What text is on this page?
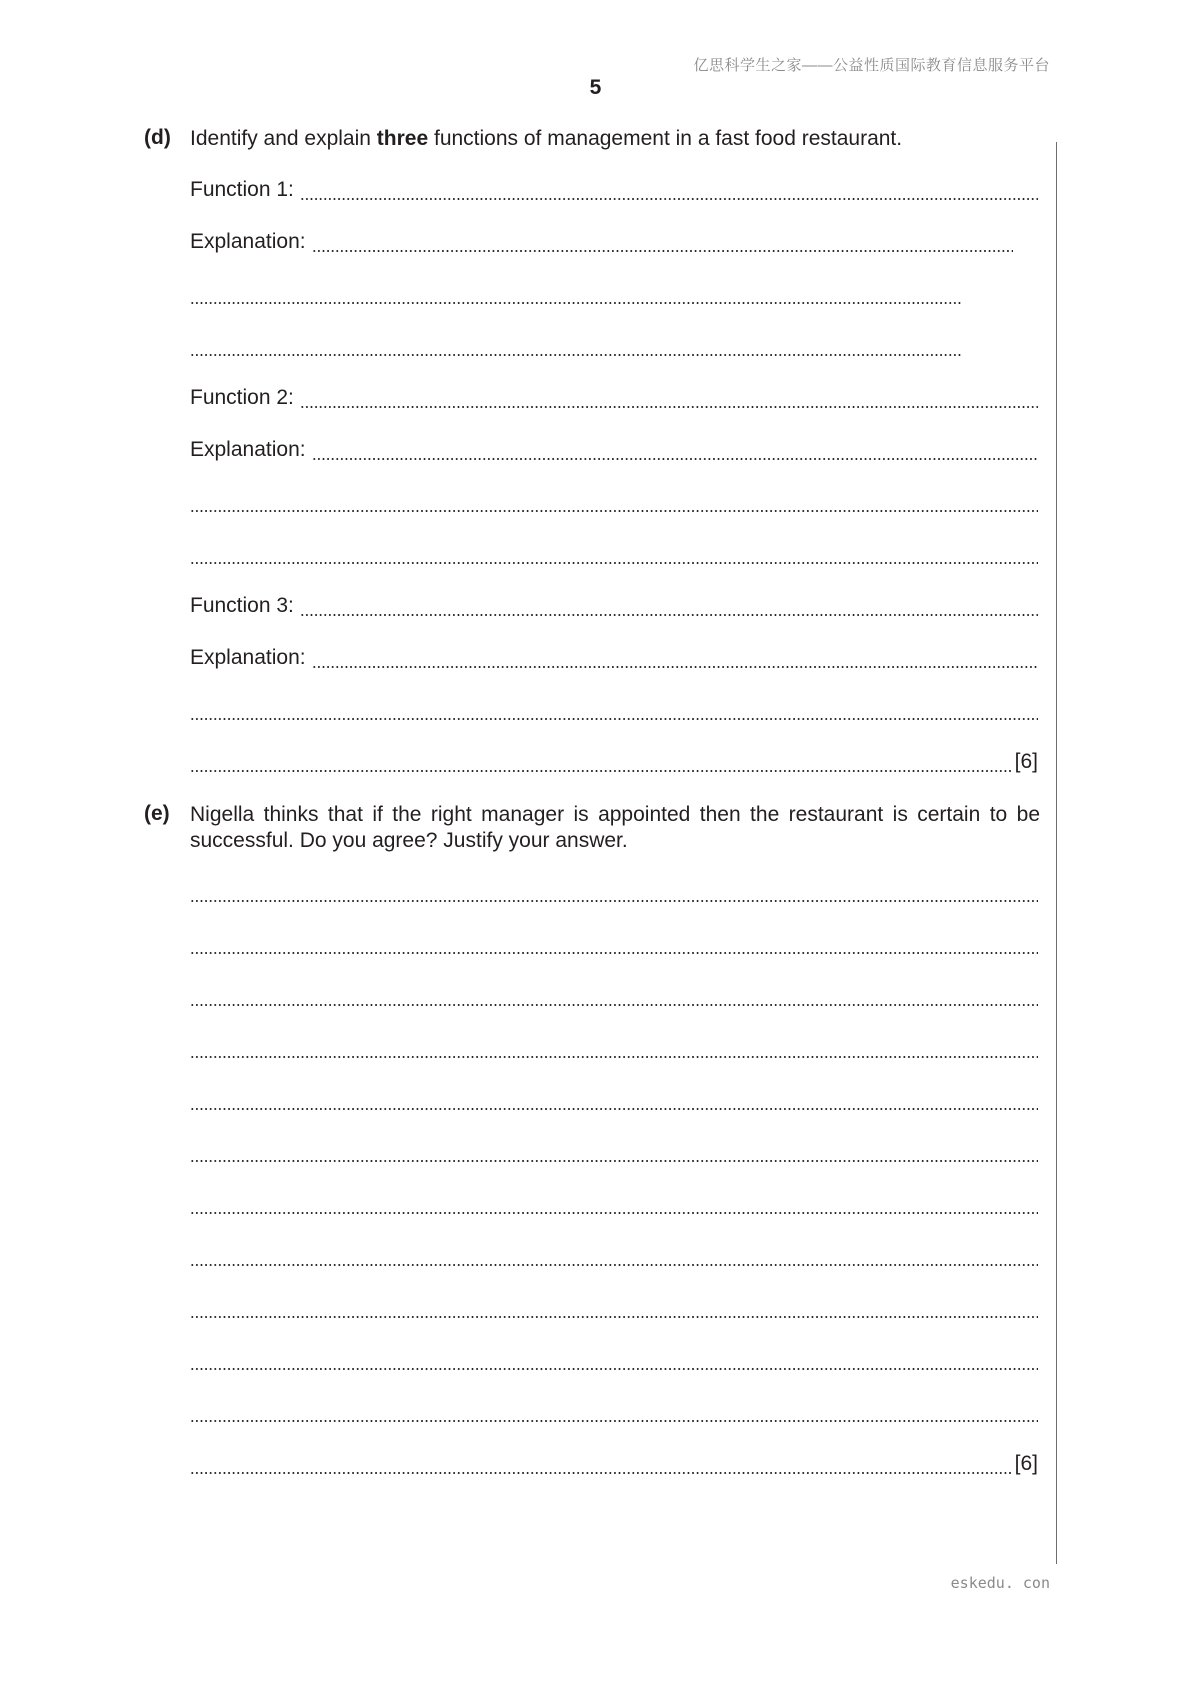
亿思科学生之家——公益性质国际教育信息服务平台
5
(d) Identify and explain three functions of management in a fast food restaurant.
Function 1:
Explanation:
Function 2:
Explanation:
Function 3:
Explanation:
[6]
(e) Nigella thinks that if the right manager is appointed then the restaurant is certain to be successful. Do you agree? Justify your answer.
[6]
eskedu. con
